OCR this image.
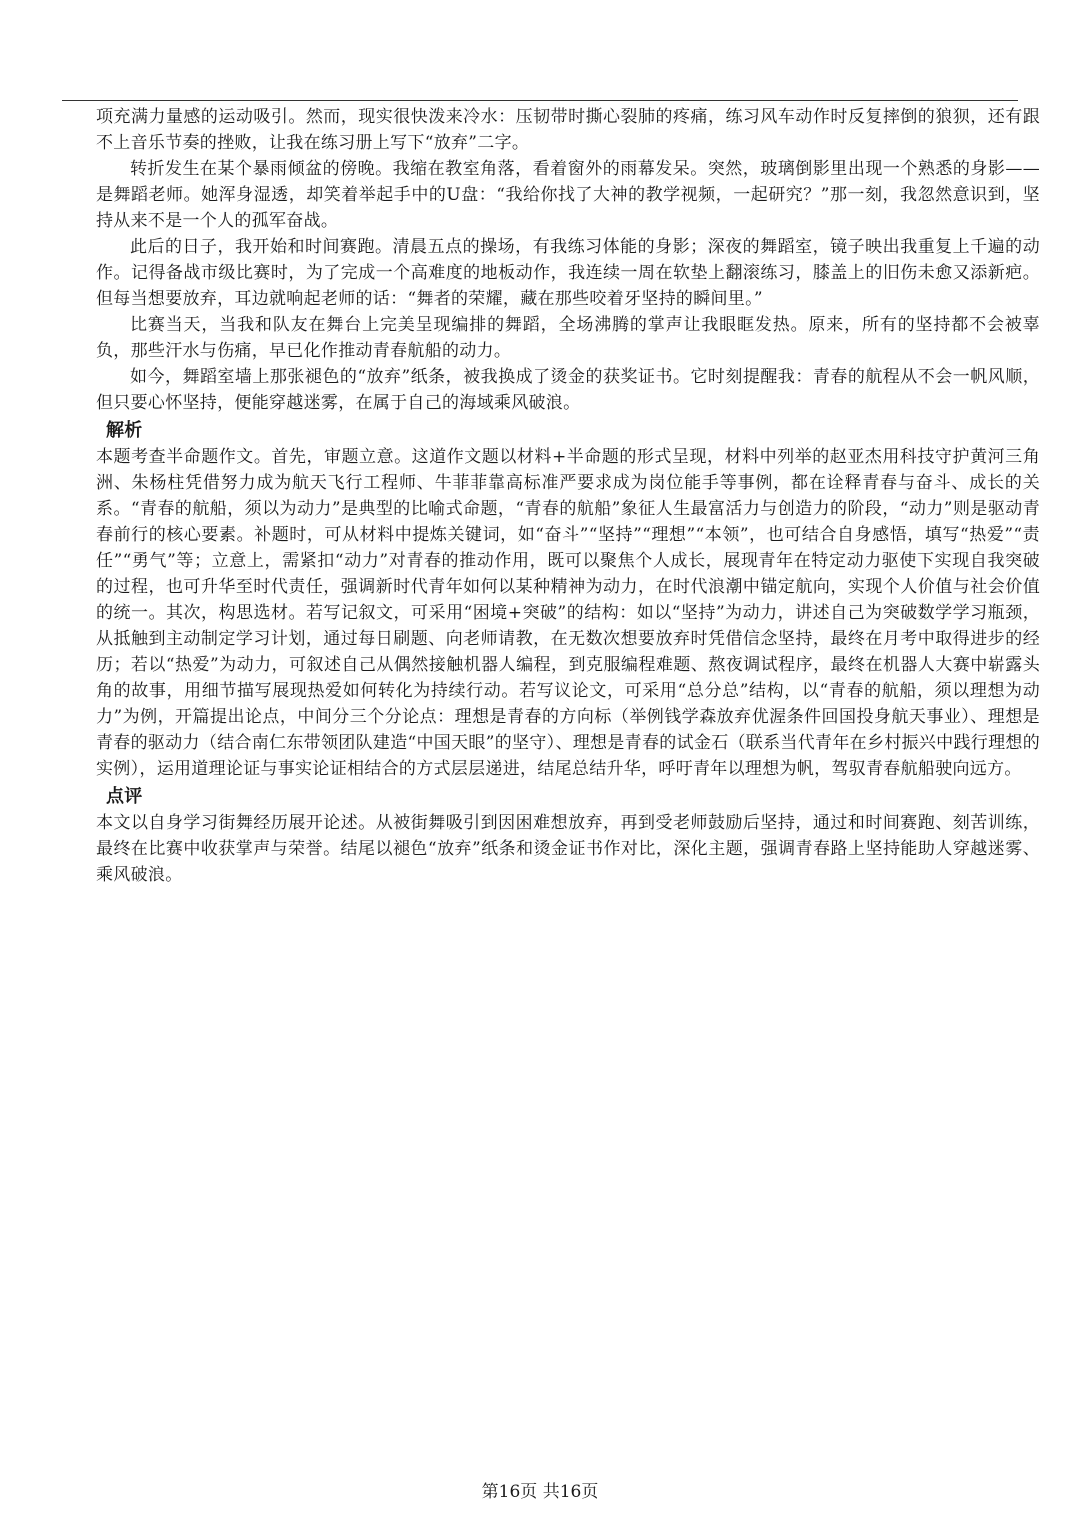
项充满力量感的运动吸引。然而，现实很快泼来冷水：压韧带时撕心裂肺的疼痛，练习风车动作时反复摔倒的狼狈，还有跟不上音乐节奏的挫败，让我在练习册上写下“放弃”二字。

转折发生在某个暴雨倾盆的傍晚。我缩在教室角落，看着窗外的雨幕发呆。突然，玻璃倒影里出现一个熟悉的身影——是舞蹈老师。她浑身湿透，却笑着举起手中的U盘：“我给你找了大神的教学视频，一起研究？”那一刻，我忽然意识到，坚持从来不是一个人的孤军奋战。

此后的日子，我开始和时间赛跑。清晨五点的操场，有我练习体能的身影；深夜的舞蹈室，镜子映出我重复上千遍的动作。记得备战市级比赛时，为了完成一个高难度的地板动作，我连续一周在软垫上翻滚练习，膝盖上的旧伤未愈又添新疤。但每当想要放弃，耳边就响起老师的话：“舞者的荣耀，藏在那些咬着牙坚持的瞬间里。”

比赛当天，当我和队友在舞台上完美呈现编排的舞蹈，全场沸腾的掌声让我眼眶发热。原来，所有的坚持都不会被辜负，那些汗水与伤痛，早已化作推动青春航船的动力。

如今，舞蹈室墙上那张褪色的“放弃”纸条，被我换成了烫金的获奖证书。它时刻提醒我：青春的航程从不会一帆风顺，但只要心怀坚持，便能穿越迷雾，在属于自己的海域乘风破浪。

解析

本题考查半命题作文。首先，审题立意。这道作文题以材料+半命题的形式呈现，材料中列举的赵亚杰用科技守护黄河三角洲、朱杨柱凭借努力成为航天飞行工程师、牛菲菲靠高标准严要求成为岗位能手等事例，都在诠释青春与奋斗、成长的关系。“青春的航船，须以为动力”是典型的比喻式命题，“青春的航船”象征人生最富活力与创造力的阶段，“动力”则是驱动青春前行的核心要素。补题时，可从材料中提炼关键词，如“奋斗”“坚持”“理想”“本领”，也可结合自身感悟，填写“热爱”“责任”“勇气”等；立意上，需紧扣“动力”对青春的推动作用，既可以聚焦个人成长，展现青年在特定动力驱使下实现自我突破的过程，也可升华至时代责任，强调新时代青年如何以某种精神为动力，在时代浪潮中锚定航向，实现个人价值与社会价值的统一。其次，构思选材。若写记叙文，可采用“困境+突破”的结构：如以“坚持”为动力，讲述自己为突破数学学习瓶颈，从抵触到主动制定学习计划，通过每日刷题、向老师请教，在无数次想要放弃时凭借信念坚持，最终在月考中取得进步的经历；若以“热爱”为动力，可叙述自己从偶然接触机器人编程，到克服编程难题、熬夜调试程序，最终在机器人大赛中崭露头角的故事，用细节描写展现热爱如何转化为持续行动。若写议论文，可采用“总分总”结构，以“青春的航船，须以理想为动力”为例，开篇提出论点，中间分三个分论点：理想是青春的方向标（举例钱学森放弃优渥条件回国投身航天事业）、理想是青春的驱动力（结合南仁东带领团队建造“中国天眼”的坚守）、理想是青春的试金石（联系当代青年在乡村振兴中践行理想的实例），运用道理论证与事实论证相结合的方式层层递进，结尾总结升华，呼吁青年以理想为帆，驾驭青春航船驶向远方。

点评

本文以自身学习街舞经历展开论述。从被街舞吸引到因困难想放弃，再到受老师鼓励后坚持，通过和时间赛跑、刻苦训练，最终在比赛中收获掌声与荣誉。结尾以褪色“放弃”纸条和烫金证书作对比，深化主题，强调青春路上坚持能助人穿越迷雾、乘风破浪。

第16页 共16页
